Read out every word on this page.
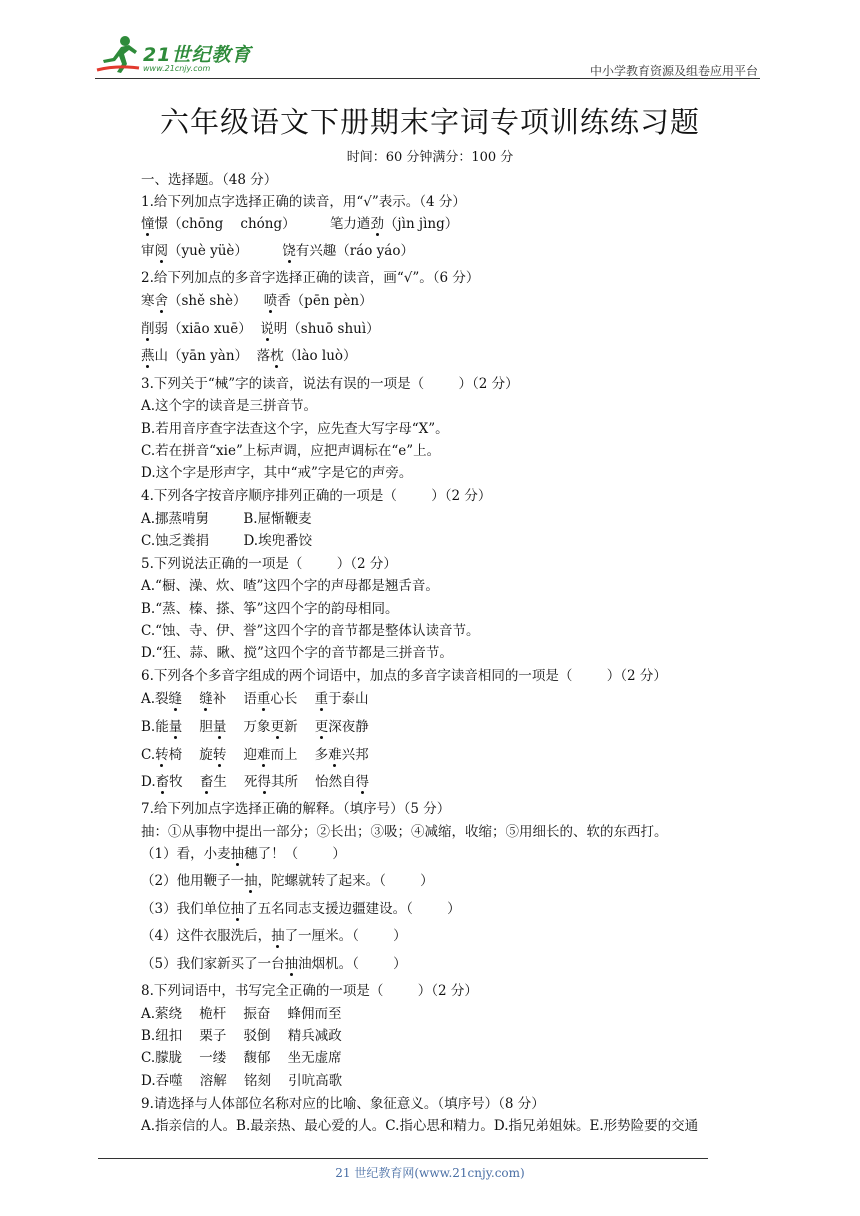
21世纪教育
www.21cnjy.com	中小学教育资源及组卷应用平台
六年级语文下册期末字词专项训练练习题
时间：60 分钟满分：100 分
一、选择题。（48 分）
1.给下列加点字选择正确的读音，用“√”表示。（4 分）
憧憬（chōng    chóng）        笔力遒劲（jìn jìng）
审阅（yuè yüè）        饶有兴趣（ráo yáo）
2.给下列加点的多音字选择正确的读音，画“√”。（6 分）
寒舍（shě shè）    喷香（pēn pèn）
削弱（xiāo xuē）  说明（shuō shuì）
燕山（yān yàn）  落枕（lào luò）
3.下列关于“械”字的读音，说法有误的一项是（        ）（2 分）
A.这个字的读音是三拼音节。
B.若用音序查字法查这个字，应先查大写字母“X”。
C.若在拼音“xie”上标声调，应把声调标在“e”上。
D.这个字是形声字，其中“戒”字是它的声旁。
4.下列各字按音序顺序排列正确的一项是（        ）（2 分）
A.挪蒸啃舅        B.屉惭鞭麦
C.蚀乏粪捐        D.埃兜番饺
5.下列说法正确的一项是（        ）（2 分）
A.“橱、澡、炊、喳”这四个字的声母都是翘舌音。
B.“蒸、榛、搽、筝”这四个字的韵母相同。
C.“蚀、寺、伊、誉”这四个字的音节都是整体认读音节。
D.“狂、蒜、瞅、搅”这四个字的音节都是三拼音节。
6.下列各个多音字组成的两个词语中，加点的多音字读音相同的一项是（        ）（2 分）
A.裂缝 缝补    语重心长    重于泰山
B.能量    胆量    万象更新    更深夜静
C.转椅    旋转    迎难而上    多难兴邦
D.畜牧    畜生    死得其所    怡然自得
7.给下列加点字选择正确的解释。（填序号）（5 分）
抽：①从事物中提出一部分；②长出；③吸；④减缩，收缩；⑤用细长的、软的东西打。
（1）看，小麦抽穗了！（        ）
（2）他用鞭子一抽，陀螺就转了起来。（        ）
（3）我们单位抽了五名同志支援边疆建设。（        ）
（4）这件衣服洗后，抽了一厘米。（        ）
（5）我们家新买了一台抽油烟机。（        ）
8.下列词语中，书写完全正确的一项是（        ）（2 分）
A.萦绕    桅杆    振奋    蜂佣而至
B.纽扣    栗子    驳倒    精兵减政
C.朦胧    一缕    馥郁    坐无虚席
D.吞噬    溶解    铭刻    引吭高歌
9.请选择与人体部位名称对应的比喻、象征意义。（填序号）（8 分）
A.指亲信的人。B.最亲热、最心爱的人。C.指心思和精力。D.指兄弟姐妹。E.形势险要的交通
21 世纪教育网(www.21cnjy.com)
